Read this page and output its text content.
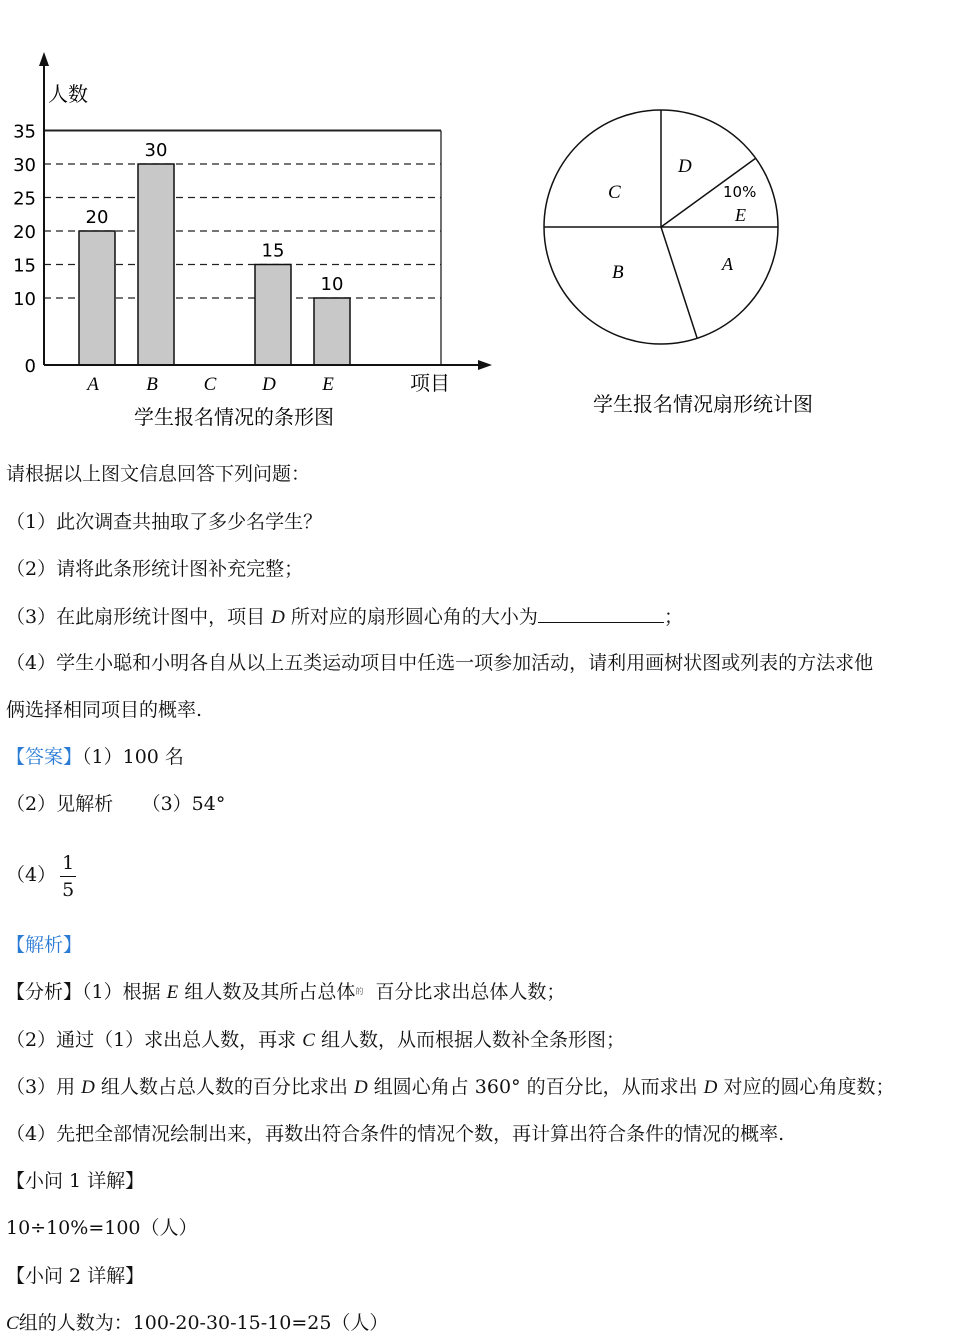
0
10
15
20
25
30
35
A B C D E
20
30
15
10
人数
项目
学生报名情况的条形图
D
C	10%
E
A
B
学生报名情况扇形统计图
请根据以上图文信息回答下列问题：
（1）此次调查共抽取了多少名学生？
（2）请将此条形统计图补充完整；
（3）在此扇形统计图中，项目 D 所对应的扇形圆心角的大小为	；
（4）学生小聪和小明各自从以上五类运动项目中任选一项参加活动，请利用画树状图或列表的方法求他
俩选择相同项目的概率.
【答案】（1）100 名
（2）见解析　　（3）54°
$(4) \frac{1}{5}$
【解析】
【分析】（1）根据 E 组人数及其所占总体$^的$ 百分比求出总体人数；
（2）通过（1）求出总人数，再求 C 组人数，从而根据人数补全条形图；
（3）用 D 组人数占总人数的百分比求出 D 组圆心角占 360° 的百分比，从而求出 D 对应的圆心角度数；
（4）先把全部情况绘制出来，再数出符合条件的情况个数，再计算出符合条件的情况的概率.
【小问 1 详解】
10÷10%=100（人）
【小问 2 详解】
C组的人数为：100-20-30-15-10=25（人）
